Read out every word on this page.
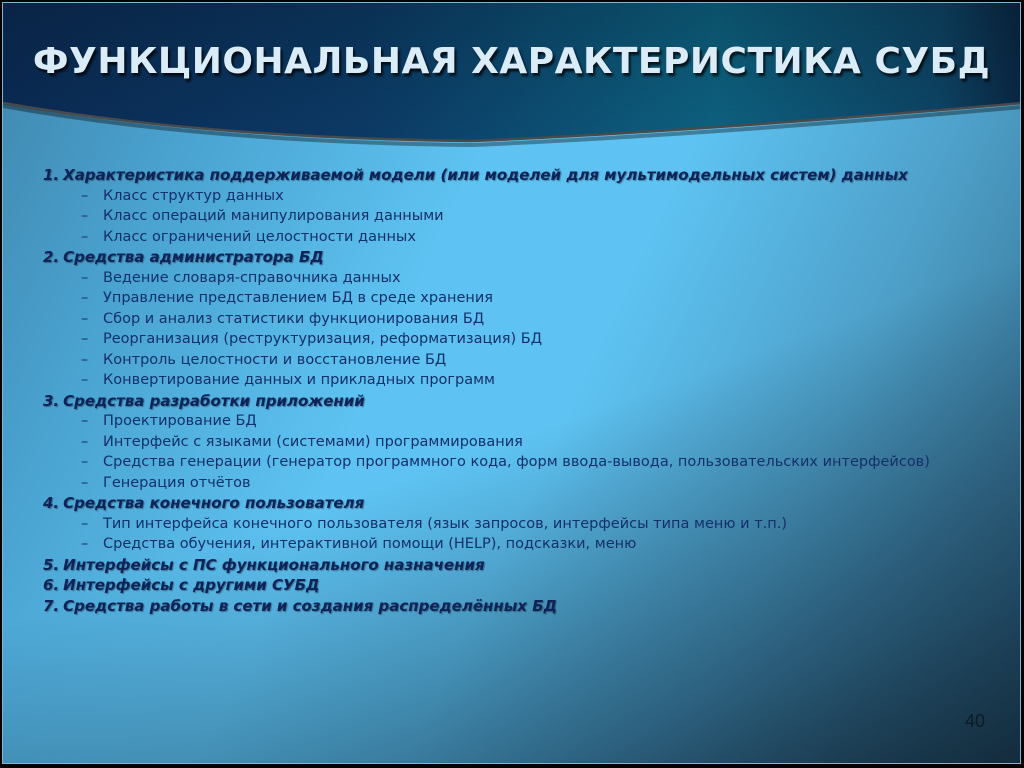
ФУНКЦИОНАЛЬНАЯ ХАРАКТЕРИСТИКА СУБД
1. Характеристика поддерживаемой модели (или моделей для мультимодельных систем) данных
– Класс структур данных
– Класс операций манипулирования данными
– Класс ограничений целостности данных
2. Средства администратора БД
– Ведение словаря-справочника данных
– Управление представлением БД в среде хранения
– Сбор и анализ статистики функционирования БД
– Реорганизация (реструктуризация, реформатизация) БД
– Контроль целостности и восстановление БД
– Конвертирование данных и прикладных программ
3. Средства разработки приложений
– Проектирование БД
– Интерфейс с языками (системами) программирования
– Средства генерации (генератор программного кода, форм ввода-вывода, пользовательских интерфейсов)
– Генерация отчётов
4. Средства конечного пользователя
– Тип интерфейса конечного пользователя (язык запросов, интерфейсы типа меню и т.п.)
– Средства обучения, интерактивной помощи (HELP), подсказки, меню
5. Интерфейсы с ПС функционального назначения
6. Интерфейсы с другими СУБД
7. Средства работы в сети и создания распределённых БД
40
